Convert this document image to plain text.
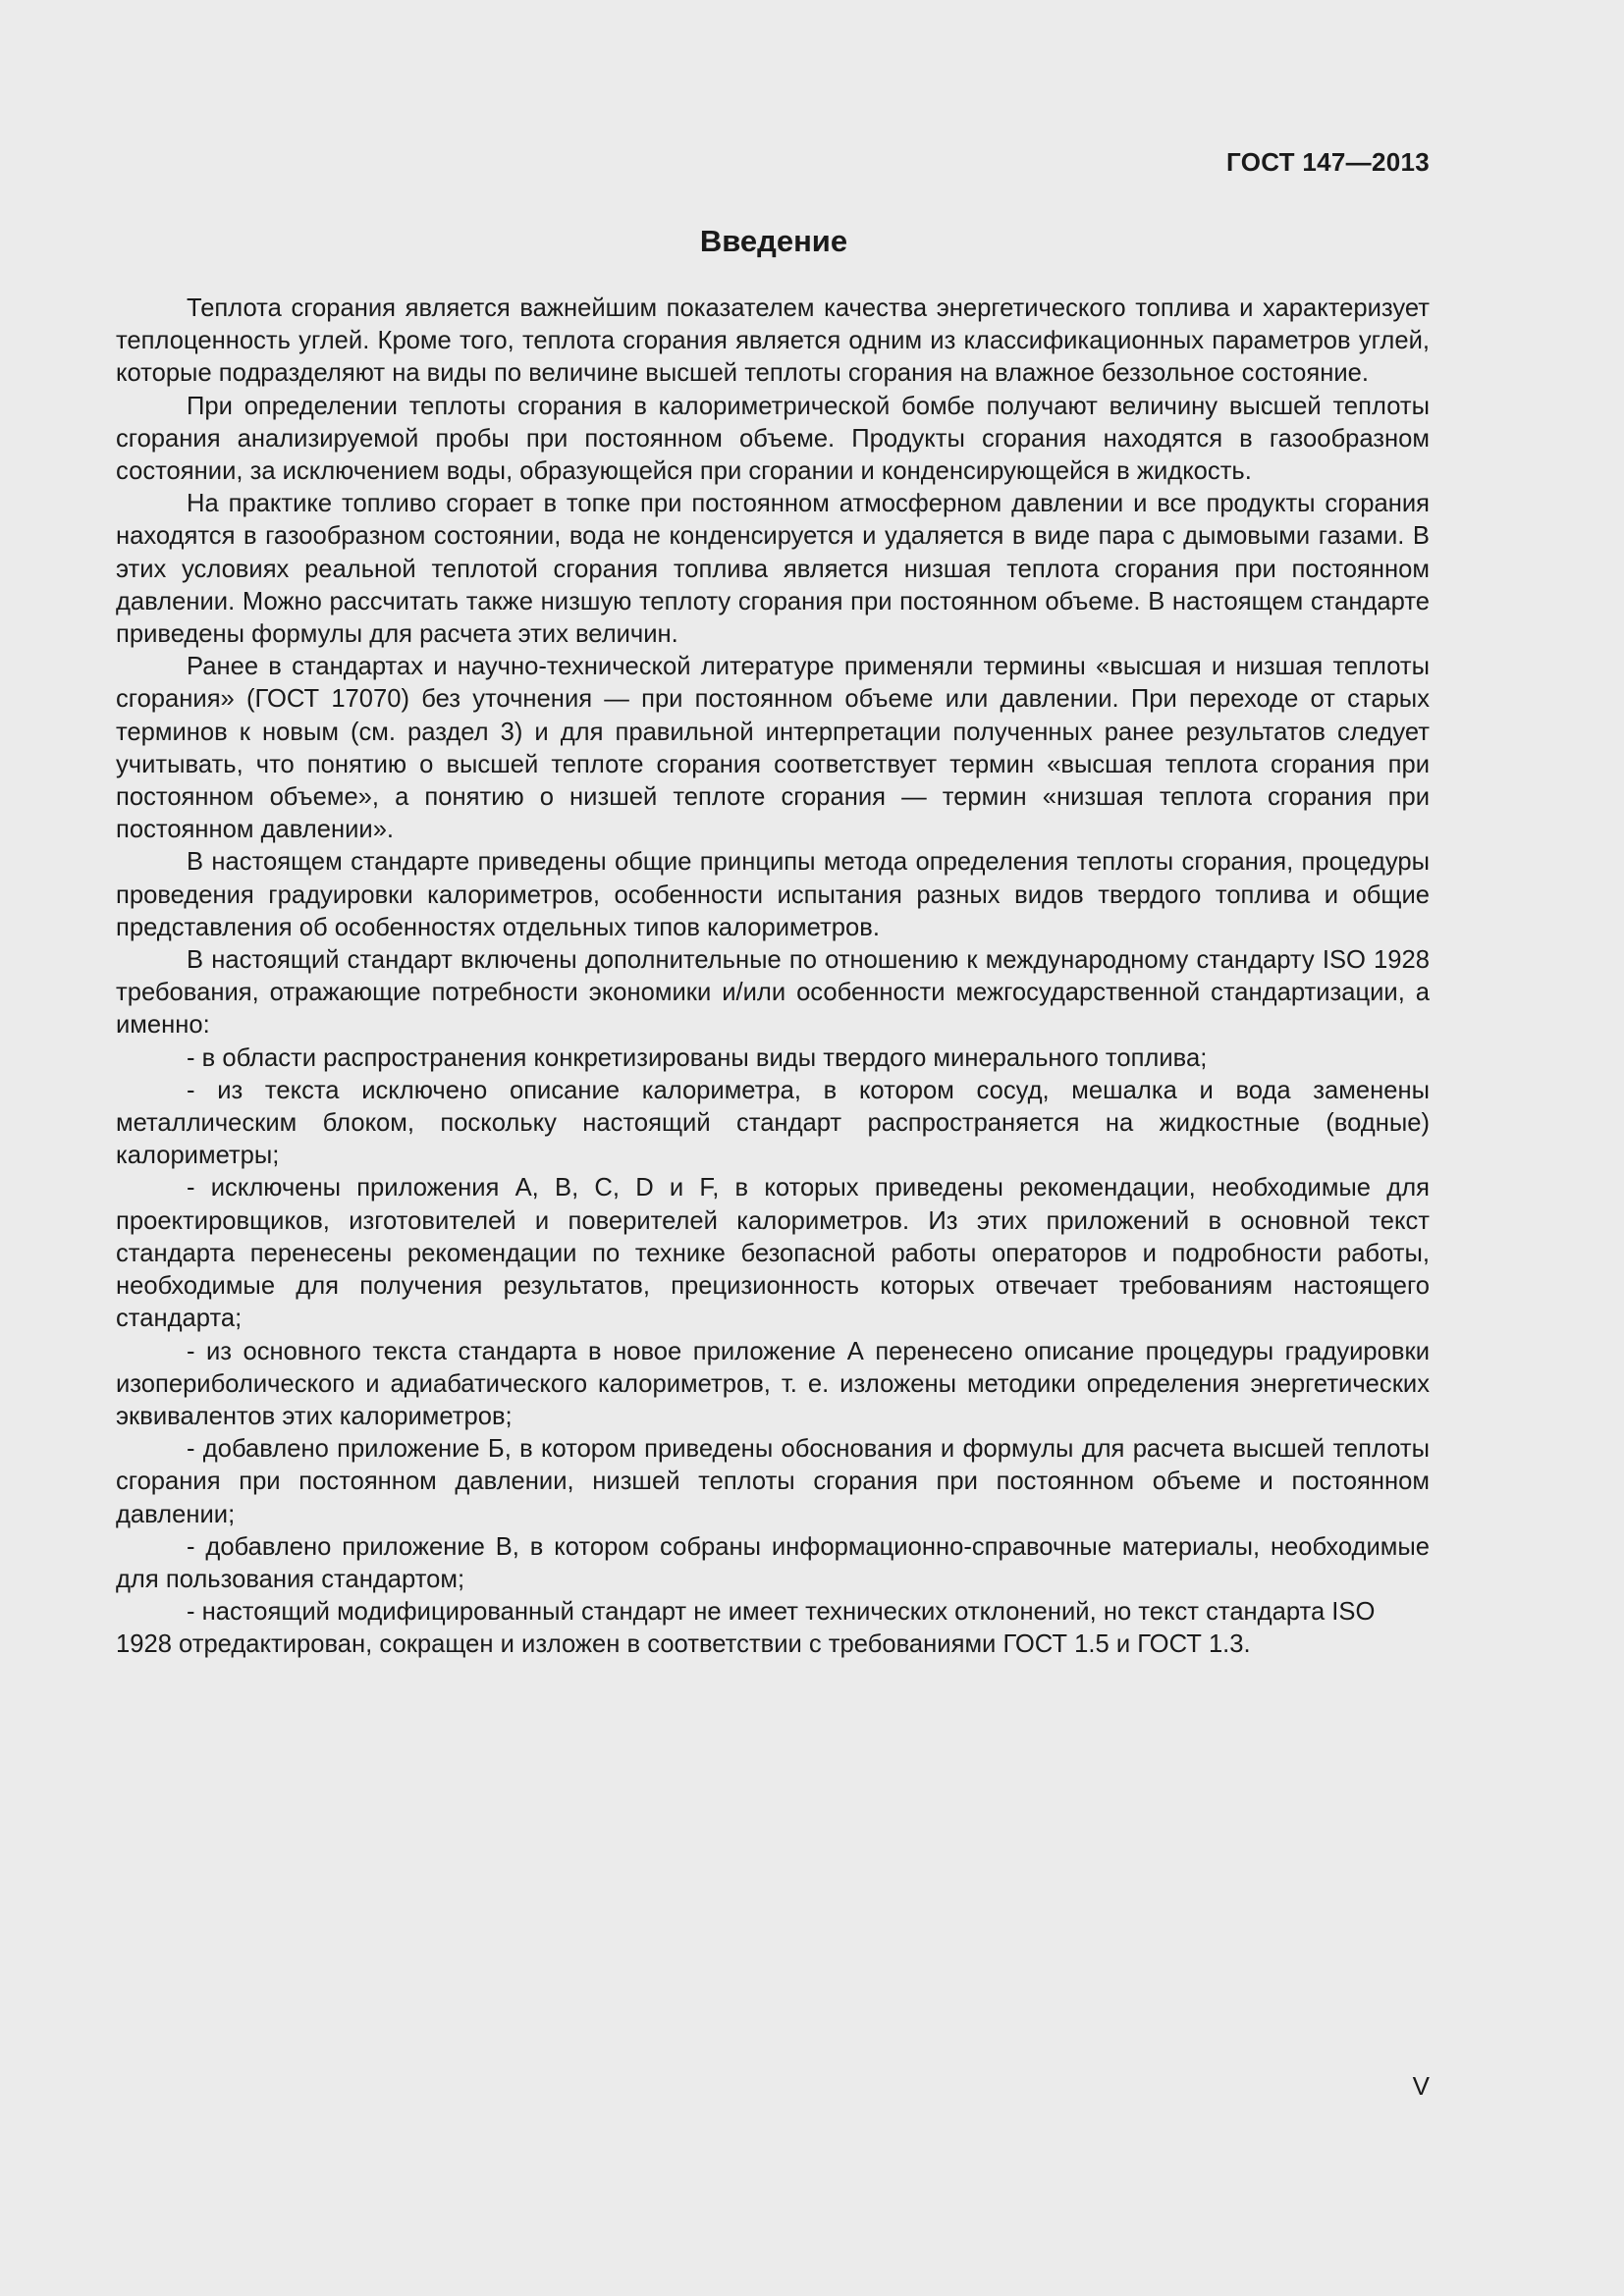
ГОСТ 147—2013
Введение

Теплота сгорания является важнейшим показателем качества энергетического топлива и характеризует теплоценность углей. Кроме того, теплота сгорания является одним из классификационных параметров углей, которые подразделяют на виды по величине высшей теплоты сгорания на влажное беззольное состояние.

При определении теплоты сгорания в калориметрической бомбе получают величину высшей теплоты сгорания анализируемой пробы при постоянном объеме. Продукты сгорания находятся в газообразном состоянии, за исключением воды, образующейся при сгорании и конденсирующейся в жидкость.

На практике топливо сгорает в топке при постоянном атмосферном давлении и все продукты сгорания находятся в газообразном состоянии, вода не конденсируется и удаляется в виде пара с дымовыми газами. В этих условиях реальной теплотой сгорания топлива является низшая теплота сгорания при постоянном давлении. Можно рассчитать также низшую теплоту сгорания при постоянном объеме. В настоящем стандарте приведены формулы для расчета этих величин.

Ранее в стандартах и научно-технической литературе применяли термины «высшая и низшая теплоты сгорания» (ГОСТ 17070) без уточнения — при постоянном объеме или давлении. При переходе от старых терминов к новым (см. раздел 3) и для правильной интерпретации полученных ранее результатов следует учитывать, что понятию о высшей теплоте сгорания соответствует термин «высшая теплота сгорания при постоянном объеме», а понятию о низшей теплоте сгорания — термин «низшая теплота сгорания при постоянном давлении».

В настоящем стандарте приведены общие принципы метода определения теплоты сгорания, процедуры проведения градуировки калориметров, особенности испытания разных видов твердого топлива и общие представления об особенностях отдельных типов калориметров.

В настоящий стандарт включены дополнительные по отношению к международному стандарту ISO 1928 требования, отражающие потребности экономики и/или особенности межгосударственной стандартизации, а именно:

- в области распространения конкретизированы виды твердого минерального топлива;

- из текста исключено описание калориметра, в котором сосуд, мешалка и вода заменены металлическим блоком, поскольку настоящий стандарт распространяется на жидкостные (водные) калориметры;

- исключены приложения A, B, C, D и F, в которых приведены рекомендации, необходимые для проектировщиков, изготовителей и поверителей калориметров. Из этих приложений в основной текст стандарта перенесены рекомендации по технике безопасной работы операторов и подробности работы, необходимые для получения результатов, прецизионность которых отвечает требованиям настоящего стандарта;

- из основного текста стандарта в новое приложение А перенесено описание процедуры градуировки изопериболического и адиабатического калориметров, т. е. изложены методики определения энергетических эквивалентов этих калориметров;

- добавлено приложение Б, в котором приведены обоснования и формулы для расчета высшей теплоты сгорания при постоянном давлении, низшей теплоты сгорания при постоянном объеме и постоянном давлении;

- добавлено приложение В, в котором собраны информационно-справочные материалы, необходимые для пользования стандартом;

- настоящий модифицированный стандарт не имеет технических отклонений, но текст стандарта ISO 1928 отредактирован, сокращен и изложен в соответствии с требованиями ГОСТ 1.5 и ГОСТ 1.3.

V
